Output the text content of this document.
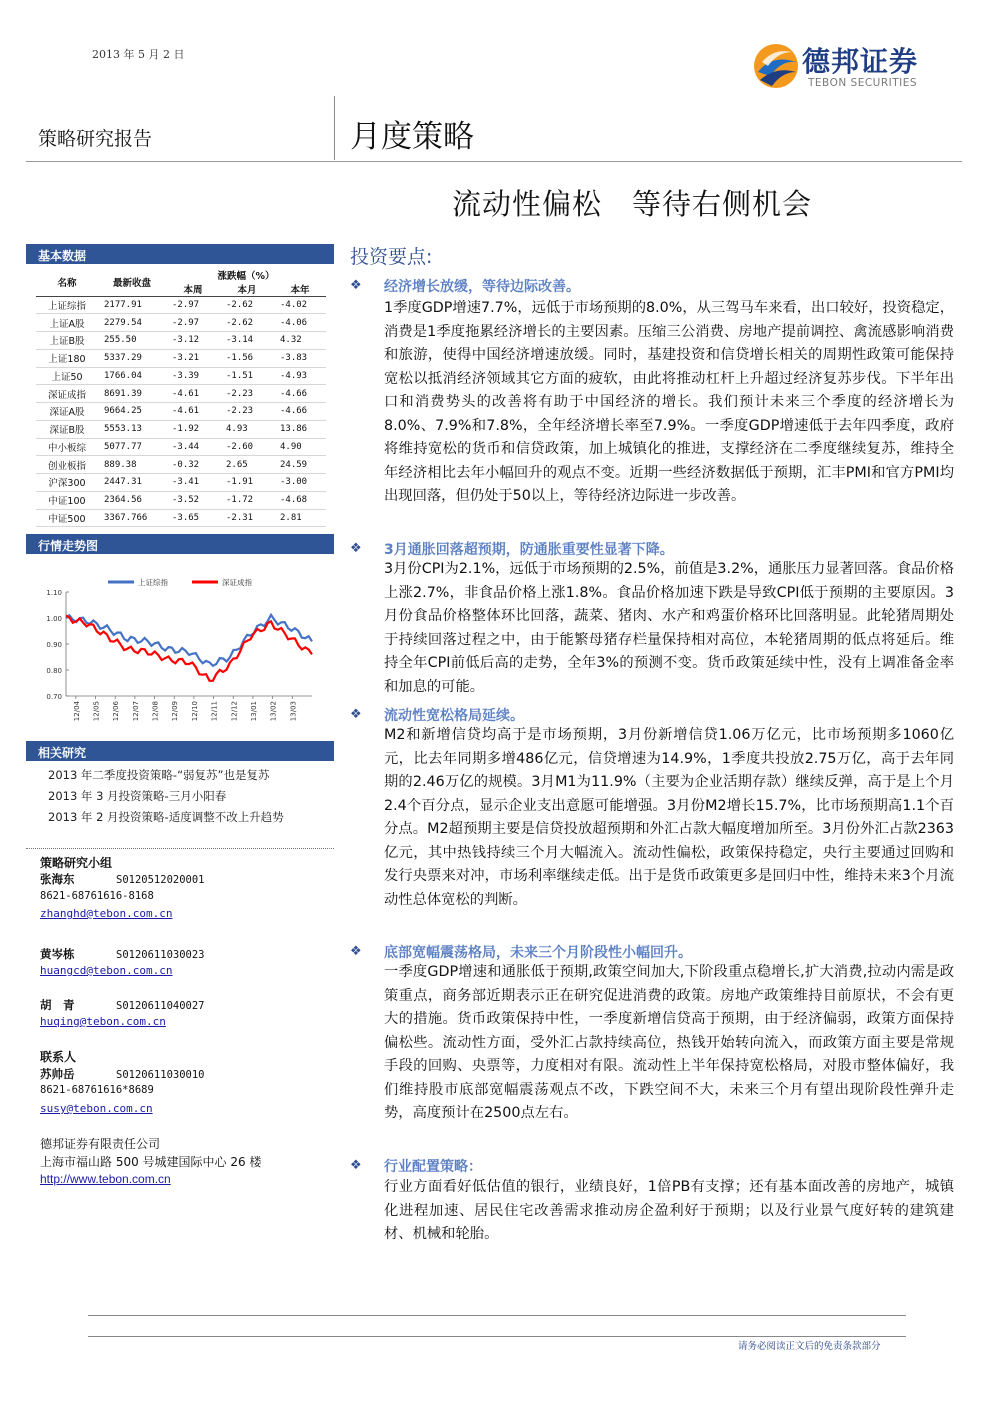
2013 年 5 月 2 日	德邦证券
TEBON SECURITIES
策略研究报告	月度策略
流动性偏松　等待右侧机会
基本数据
名称	最新收盘	涨跌幅（%）		
		本周	本月	本年
上证综指	2177.91	-2.97	-2.62	-4.02
上证A股	2279.54	-2.97	-2.62	-4.06
上证B股	255.50	-3.12	-3.14	4.32
上证180	5337.29	-3.21	-1.56	-3.83
上证50	1766.04	-3.39	-1.51	-4.93
深证成指	8691.39	-4.61	-2.23	-4.66
深证A股	9664.25	-4.61	-2.23	-4.66
深证B股	5553.13	-1.92	4.93	13.86
中小板综	5077.77	-3.44	-2.60	4.90
创业板指	889.38	-0.32	2.65	24.59
沪深300	2447.31	-3.41	-1.91	-3.00
中证100	2364.56	-3.52	-1.72	-4.68
中证500	3367.766	-3.65	-2.31	2.81
行情走势图
1.10
1.00
0.90
0.80
0.70
12/04 12/05 12/06 12/07 12/08 12/09 12/10 12/11 12/12 13/01 13/02 13/03
上证综指	深证成指
相关研究
2013 年二季度投资策略-“弱复苏”也是复苏
2013 年 3 月投资策略-三月小阳春
2013 年 2 月投资策略-适度调整不改上升趋势
策略研究小组
张海东	S0120512020001
8621-68761616-8168
zhanghd@tebon.com.cn
黄岑栋	S0120611030023
huangcd@tebon.com.cn
胡　青	S0120611040027
huqing@tebon.com.cn
联系人
苏帅岳	S0120611030010
8621-68761616*8689
susy@tebon.com.cn
德邦证券有限责任公司
上海市福山路 500 号城建国际中心 26 楼
http://www.tebon.com.cn
投资要点:
❖ 经济增长放缓，等待边际改善。
1季度GDP增速7.7%，远低于市场预期的8.0%，从三驾马车来看，出口较好，投资稳定，消费是1季度拖累经济增长的主要因素。压缩三公消费、房地产提前调控、禽流感影响消费和旅游，使得中国经济增速放缓。同时，基建投资和信贷增长相关的周期性政策可能保持宽松以抵消经济领域其它方面的疲软，由此将推动杠杆上升超过经济复苏步伐。下半年出口和消费势头的改善将有助于中国经济的增长。我们预计未来三个季度的经济增长为8.0%、7.9%和7.8%，全年经济增长率至7.9%。一季度GDP增速低于去年四季度，政府将维持宽松的货币和信贷政策，加上城镇化的推进，支撑经济在二季度继续复苏，维持全年经济相比去年小幅回升的观点不变。近期一些经济数据低于预期，汇丰PMI和官方PMI均出现回落，但仍处于50以上，等待经济边际进一步改善。
❖ 3月通胀回落超预期，防通胀重要性显著下降。
3月份CPI为2.1%，远低于市场预期的2.5%，前值是3.2%，通胀压力显著回落。食品价格上涨2.7%，非食品价格上涨1.8%。食品价格加速下跌是导致CPI低于预期的主要原因。3月份食品价格整体环比回落，蔬菜、猪肉、水产和鸡蛋价格环比回落明显。此轮猪周期处于持续回落过程之中，由于能繁母猪存栏量保持相对高位，本轮猪周期的低点将延后。维持全年CPI前低后高的走势，全年3%的预测不变。货币政策延续中性，没有上调准备金率和加息的可能。
❖ 流动性宽松格局延续。
M2和新增信贷均高于是市场预期，3月份新增信贷1.06万亿元，比市场预期多1060亿元，比去年同期多增486亿元，信贷增速为14.9%，1季度共投放2.75万亿，高于去年同期的2.46万亿的规模。3月M1为11.9%（主要为企业活期存款）继续反弹，高于是上个月2.4个百分点，显示企业支出意愿可能增强。3月份M2增长15.7%，比市场预期高1.1个百分点。M2超预期主要是信贷投放超预期和外汇占款大幅度增加所至。3月份外汇占款2363亿元，其中热钱持续三个月大幅流入。流动性偏松，政策保持稳定，央行主要通过回购和发行央票来对冲，市场利率继续走低。出于是货币政策更多是回归中性，维持未来3个月流动性总体宽松的判断。
❖ 底部宽幅震荡格局，未来三个月阶段性小幅回升。
一季度GDP增速和通胀低于预期,政策空间加大,下阶段重点稳增长,扩大消费,拉动内需是政策重点，商务部近期表示正在研究促进消费的政策。房地产政策维持目前原状，不会有更大的措施。货币政策保持中性，一季度新增信贷高于预期，由于经济偏弱，政策方面保持偏松些。流动性方面，受外汇占款持续高位，热钱开始转向流入，而政策方面主要是常规手段的回购、央票等，力度相对有限。流动性上半年保持宽松格局，对股市整体偏好，我们维持股市底部宽幅震荡观点不改，下跌空间不大，未来三个月有望出现阶段性弹升走势，高度预计在2500点左右。
❖ 行业配置策略：
行业方面看好低估值的银行，业绩良好，1倍PB有支撑；还有基本面改善的房地产，城镇化进程加速、居民住宅改善需求推动房企盈利好于预期；以及行业景气度好转的建筑建材、机械和轮胎。
请务必阅读正文后的免责条款部分
